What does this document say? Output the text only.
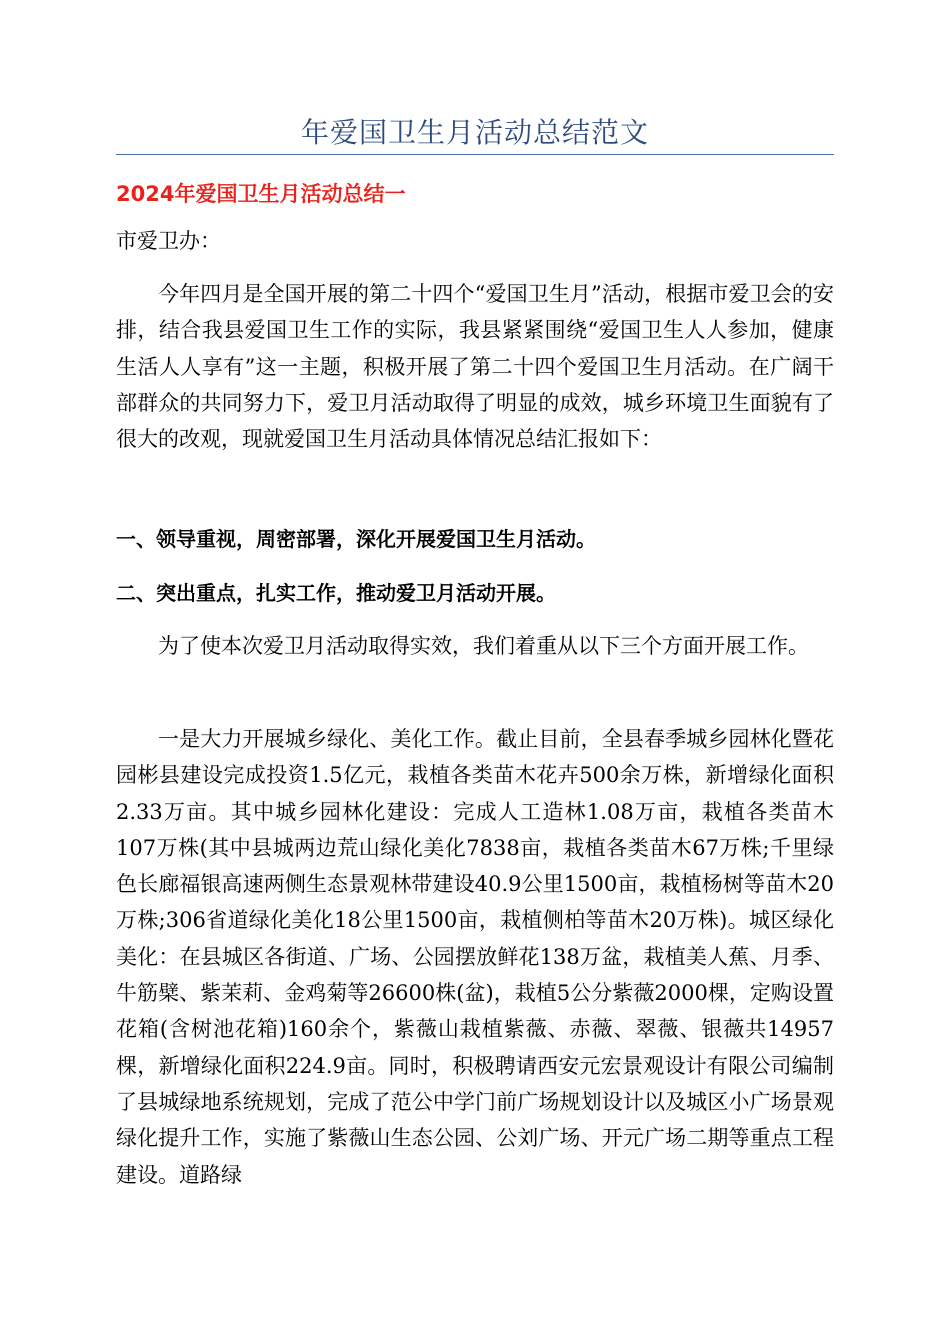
年爱国卫生月活动总结范文
2024年爱国卫生月活动总结一
市爱卫办：

今年四月是全国开展的第二十四个“爱国卫生月”活动，根据市爱卫会的安排，结合我县爱国卫生工作的实际，我县紧紧围绕“爱国卫生人人参加，健康生活人人享有”这一主题，积极开展了第二十四个爱国卫生月活动。在广阔干部群众的共同努力下，爱卫月活动取得了明显的成效，城乡环境卫生面貌有了很大的改观，现就爱国卫生月活动具体情况总结汇报如下：

一、领导重视，周密部署，深化开展爱国卫生月活动。

二、突出重点，扎实工作，推动爱卫月活动开展。

为了使本次爱卫月活动取得实效，我们着重从以下三个方面开展工作。

一是大力开展城乡绿化、美化工作。截止目前，全县春季城乡园林化暨花园彬县建设完成投资1.5亿元，栽植各类苗木花卉500余万株，新增绿化面积2.33万亩。其中城乡园林化建设：完成人工造林1.08万亩，栽植各类苗木107万株(其中县城两边荒山绿化美化7838亩，栽植各类苗木67万株;千里绿色长廊福银高速两侧生态景观林带建设40.9公里1500亩，栽植杨树等苗木20万株;306省道绿化美化18公里1500亩，栽植侧柏等苗木20万株)。城区绿化美化：在县城区各街道、广场、公园摆放鲜花138万盆，栽植美人蕉、月季、牛筋檗、紫茉莉、金鸡菊等26600株(盆)，栽植5公分紫薇2000棵，定购设置花箱(含树池花箱)160余个，紫薇山栽植紫薇、赤薇、翠薇、银薇共14957棵，新增绿化面积224.9亩。同时，积极聘请西安元宏景观设计有限公司编制了县城绿地系统规划，完成了范公中学门前广场规划设计以及城区小广场景观绿化提升工作，实施了紫薇山生态公园、公刘广场、开元广场二期等重点工程建设。道路绿
